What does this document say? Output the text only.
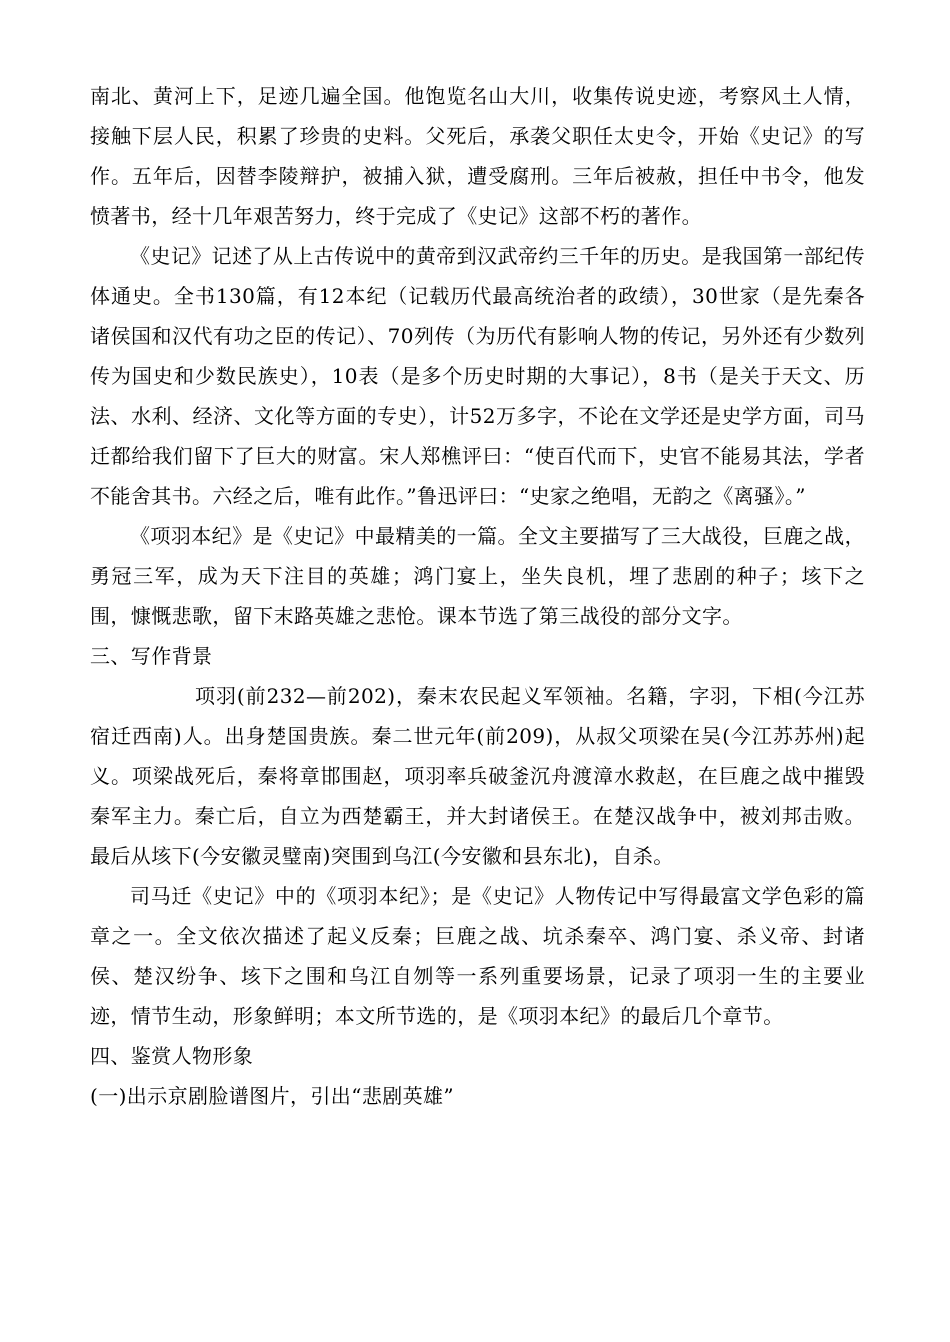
南北、黄河上下，足迹几遍全国。他饱览名山大川，收集传说史迹，考察风土人情，接触下层人民，积累了珍贵的史料。父死后，承袭父职任太史令，开始《史记》的写作。五年后，因替李陵辩护，被捕入狱，遭受腐刑。三年后被赦，担任中书令，他发愤著书，经十几年艰苦努力，终于完成了《史记》这部不朽的著作。

《史记》记述了从上古传说中的黄帝到汉武帝约三千年的历史。是我国第一部纪传体通史。全书130篇，有12本纪（记载历代最高统治者的政绩），30世家（是先秦各诸侯国和汉代有功之臣的传记）、70列传（为历代有影响人物的传记，另外还有少数列传为国史和少数民族史），10表（是多个历史时期的大事记），8书（是关于天文、历法、水利、经济、文化等方面的专史），计52万多字，不论在文学还是史学方面，司马迁都给我们留下了巨大的财富。宋人郑樵评曰：“使百代而下，史官不能易其法，学者不能舍其书。六经之后，唯有此作。”鲁迅评曰：“史家之绝唱，无韵之《离骚》。”

《项羽本纪》是《史记》中最精美的一篇。全文主要描写了三大战役，巨鹿之战，勇冠三军，成为天下注目的英雄；鸿门宴上，坐失良机，埋了悲剧的种子；垓下之围，慷慨悲歌，留下末路英雄之悲怆。课本节选了第三战役的部分文字。

三、写作背景

项羽(前232—前202)，秦末农民起义军领袖。名籍，字羽，下相(今江苏宿迁西南)人。出身楚国贵族。秦二世元年(前209)，从叔父项梁在吴(今江苏苏州)起义。项梁战死后，秦将章邯围赵，项羽率兵破釜沉舟渡漳水救赵，在巨鹿之战中摧毁秦军主力。秦亡后，自立为西楚霸王，并大封诸侯王。在楚汉战争中，被刘邦击败。最后从垓下(今安徽灵璧南)突围到乌江(今安徽和县东北)，自杀。

司马迁《史记》中的《项羽本纪》；是《史记》人物传记中写得最富文学色彩的篇章之一。全文依次描述了起义反秦；巨鹿之战、坑杀秦卒、鸿门宴、杀义帝、封诸侯、楚汉纷争、垓下之围和乌江自刎等一系列重要场景，记录了项羽一生的主要业迹，情节生动，形象鲜明；本文所节选的，是《项羽本纪》的最后几个章节。

四、鉴赏人物形象

(一)出示京剧脸谱图片，引出“悲剧英雄”
